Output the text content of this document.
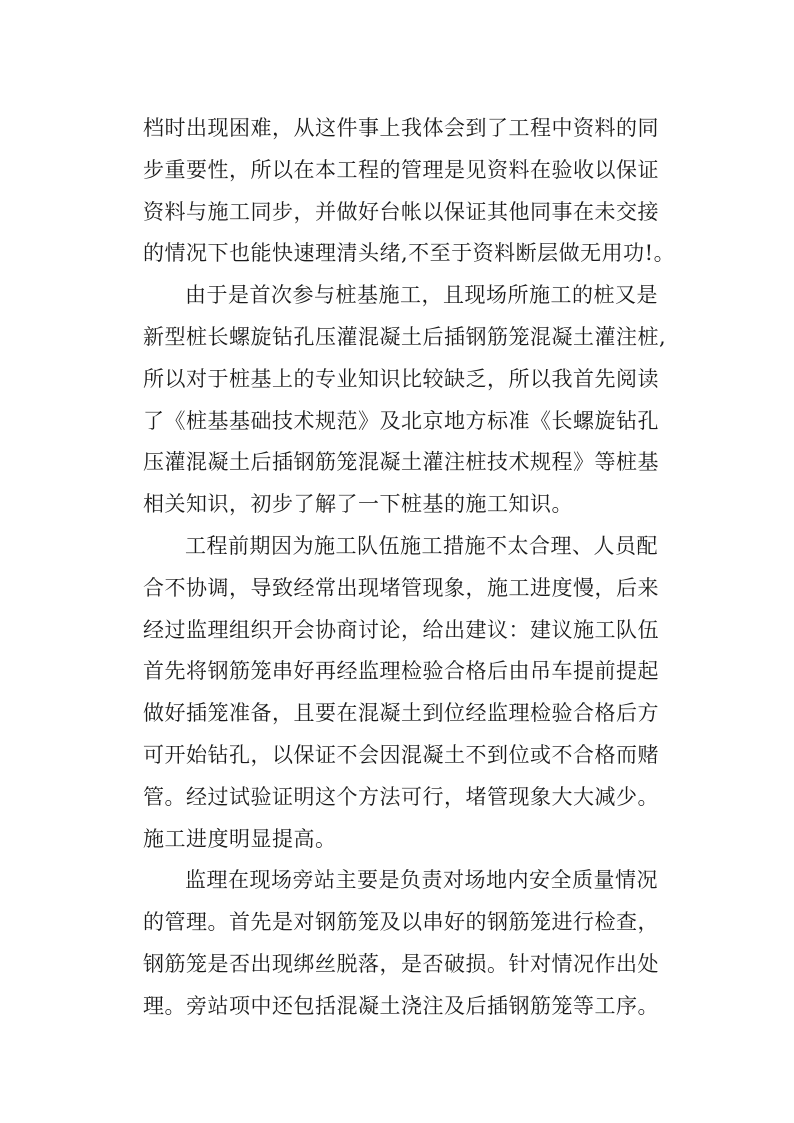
档时出现困难，从这件事上我体会到了工程中资料的同
步重要性，所以在本工程的管理是见资料在验收以保证
资料与施工同步，并做好台帐以保证其他同事在未交接
的情况下也能快速理清头绪,不至于资料断层做无用功!。
由于是首次参与桩基施工，且现场所施工的桩又是
新型桩长螺旋钻孔压灌混凝土后插钢筋笼混凝土灌注桩,
所以对于桩基上的专业知识比较缺乏，所以我首先阅读
了《桩基基础技术规范》及北京地方标准《长螺旋钻孔
压灌混凝土后插钢筋笼混凝土灌注桩技术规程》等桩基
相关知识，初步了解了一下桩基的施工知识。
工程前期因为施工队伍施工措施不太合理、人员配
合不协调，导致经常出现堵管现象，施工进度慢，后来
经过监理组织开会协商讨论，给出建议：建议施工队伍
首先将钢筋笼串好再经监理检验合格后由吊车提前提起
做好插笼准备，且要在混凝土到位经监理检验合格后方
可开始钻孔，以保证不会因混凝土不到位或不合格而赌
管。经过试验证明这个方法可行，堵管现象大大减少。
施工进度明显提高。
监理在现场旁站主要是负责对场地内安全质量情况
的管理。首先是对钢筋笼及以串好的钢筋笼进行检查，
钢筋笼是否出现绑丝脱落，是否破损。针对情况作出处
理。旁站项中还包括混凝土浇注及后插钢筋笼等工序。
